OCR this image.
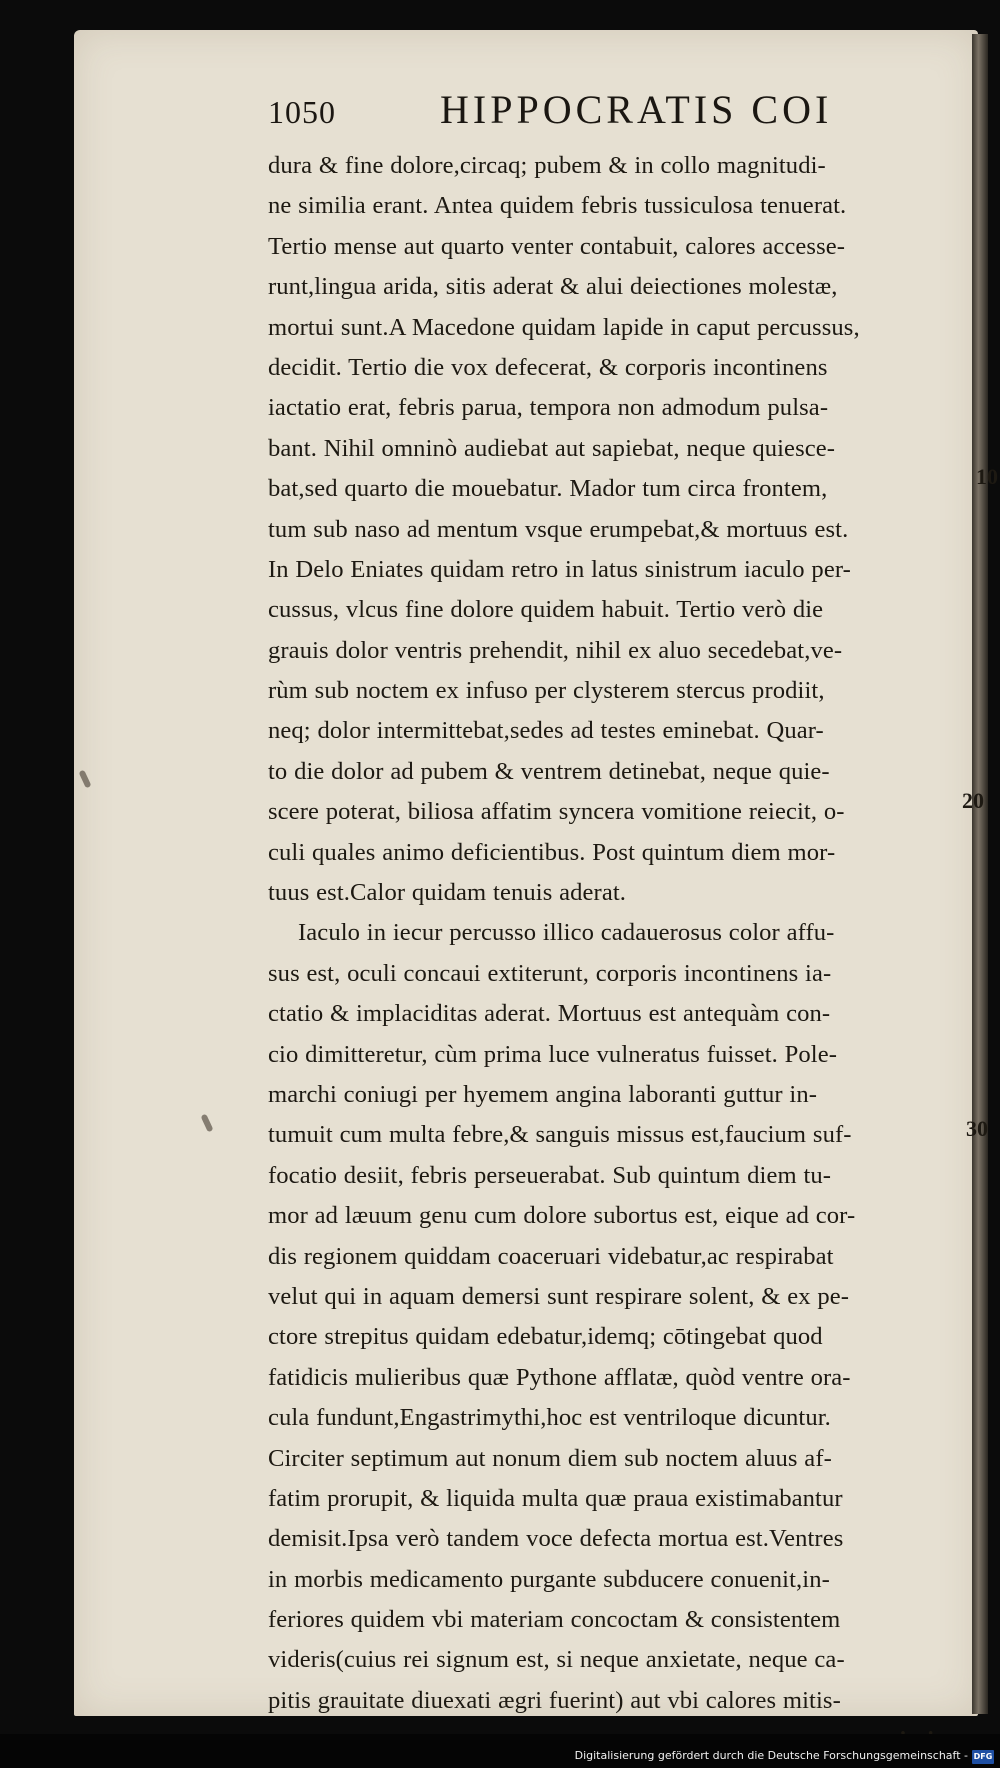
1050	HIPPOCRATIS COI
dura & fine dolore,circaq; pubem & in collo magnitudi-
ne similia erant. Antea quidem febris tussiculosa tenuerat.
Tertio mense aut quarto venter contabuit, calores accesse-
runt,lingua arida, sitis aderat & alui deiectiones molestæ,
mortui sunt.A Macedone quidam lapide in caput percussus,
decidit. Tertio die vox defecerat, & corporis incontinens
iactatio erat, febris parua, tempora non admodum pulsa-
bant. Nihil omninò audiebat aut sapiebat, neque quiesce-
bat,sed quarto die mouebatur. Mador tum circa frontem,
tum sub naso ad mentum vsque erumpebat,& mortuus est.
In Delo Eniates quidam retro in latus sinistrum iaculo per-
cussus, vlcus fine dolore quidem habuit. Tertio verò die
grauis dolor ventris prehendit, nihil ex aluo secedebat,ve-
rùm sub noctem ex infuso per clysterem stercus prodiit,
neq; dolor intermittebat,sedes ad testes eminebat. Quar-
to die dolor ad pubem & ventrem detinebat, neque quie-
scere poterat, biliosa affatim syncera vomitione reiecit, o-
culi quales animo deficientibus. Post quintum diem mor-
tuus est.Calor quidam tenuis aderat.
Iaculo in iecur percusso illico cadauerosus color affu-
sus est, oculi concaui extiterunt, corporis incontinens ia-
ctatio & implaciditas aderat. Mortuus est antequàm con-
cio dimitteretur, cùm prima luce vulneratus fuisset. Pole-
marchi coniugi per hyemem angina laboranti guttur in-
tumuit cum multa febre,& sanguis missus est,faucium suf-
focatio desiit, febris perseuerabat. Sub quintum diem tu-
mor ad læuum genu cum dolore subortus est, eique ad cor-
dis regionem quiddam coaceruari videbatur,ac respirabat
velut qui in aquam demersi sunt respirare solent, & ex pe-
ctore strepitus quidam edebatur,idemq; cōtingebat quod
fatidicis mulieribus quæ Pythone afflatæ, quòd ventre ora-
cula fundunt,Engastrimythi,hoc est ventriloque dicuntur.
Circiter septimum aut nonum diem sub noctem aluus af-
fatim prorupit, & liquida multa quæ praua existimabantur
demisit.Ipsa verò tandem voce defecta mortua est.Ventres
in morbis medicamento purgante subducere conuenit,in-
feriores quidem vbi materiam concoctam & consistentem
videris(cuius rei signum est, si neque anxietate, neque ca-
pitis grauitate diuexati ægri fuerint) aut vbi calores mitis-
10
20
30
Digitalisierung gefördert durch die Deutsche Forschungsgemeinschaft - DFG
